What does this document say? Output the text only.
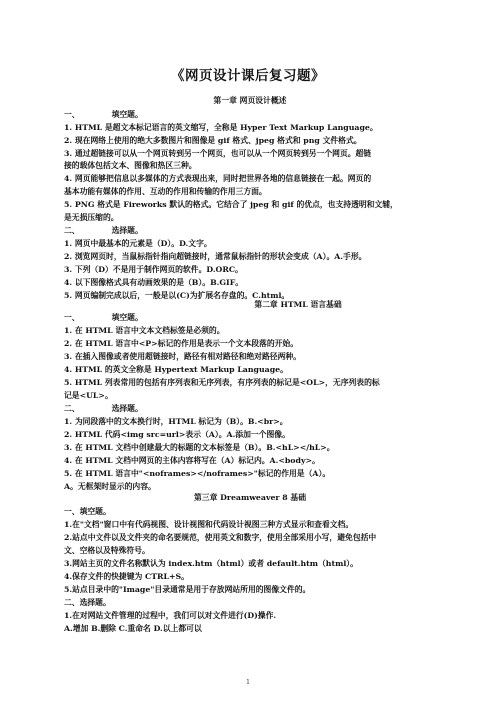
《网页设计课后复习题》
第一章 网页设计概述
一、	填空题。
1. HTML 是超文本标记语言的英文缩写，全称是 Hyper Text Markup Language。
2. 现在网络上使用的绝大多数图片和图像是 gif 格式、jpeg 格式和 png 文件格式。
3. 通过超链接可以从一个网页转到另一个网页，也可以从一个网页转到另一个网页。超链
接的载体包括文本、图像和热区三种。
4. 网页能够把信息以多媒体的方式表现出来，同时把世界各地的信息链接在一起。网页的
基本功能有媒体的作用、互动的作用和传输的作用三方面。
5. PNG 格式是 Fireworks 默认的格式。它结合了 jpeg 和 gif 的优点，也支持透明和文辅，
是无损压缩的。
二、	选择题。
1. 网页中最基本的元素是（D）。D.文字。
2. 浏览网页时，当鼠标指针指向超链接时，通常鼠标指针的形状会变成（A）。A.手形。
3. 下列（D）不是用于制作网页的软件。D.ORC。
4. 以下图像格式具有动画效果的是（B）。B.GIF。
5. 网页编制完成以后，一般是以(C)为扩展名存盘的。C.html。
第二章 HTML 语言基础
一、	填空题。
1. 在 HTML 语言中文本文档标签是必须的。
2. 在 HTML 语言中<P>标记的作用是表示一个文本段落的开始。
3. 在插入图像或者使用超链接时，路径有相对路径和绝对路径两种。
4. HTML 的英文全称是 Hypertext Markup Language。
5. HTML 列表常用的包括有序列表和无序列表，有序列表的标记是<OL>，无序列表的标
记是<UL>。
二、	选择题。
1. 为同段落中的文本换行时，HTML 标记为（B）。B.<br>。
2. HTML 代码<img src=url>表示（A）。A.添加一个图像。
3. 在 HTML 文档中创建最大的标题的文本标签是（B）。B.<hL></hL>。
4. 在 HTML 文档中网页的主体内容将写在（A）标记内。A.<body>。
5. 在 HTML 语言中"<noframes></noframes>"标记的作用是（A）。
A。无框架时显示的内容。
第三章 Dreamweaver 8 基础
一、填空题。
1.在"文档"窗口中有代码视图、设计视图和代码设计视图三种方式显示和查看文档。
2.站点中文件以及文件夹的命名要规范，使用英文和数字，使用全部采用小写，避免包括中
文、空格以及特殊符号。
3.网站主页的文件名称默认为 index.htm（html）或者 default.htm（html）。
4.保存文件的快捷键为 CTRL+S。
5.站点目录中的"Image"目录通常是用于存放网站所用的图像文件的。
二、选择题。
1.在对网站文件管理的过程中，我们可以对文件进行(D)操作.
A.增加 B.删除 C.重命名 D.以上都可以
1
